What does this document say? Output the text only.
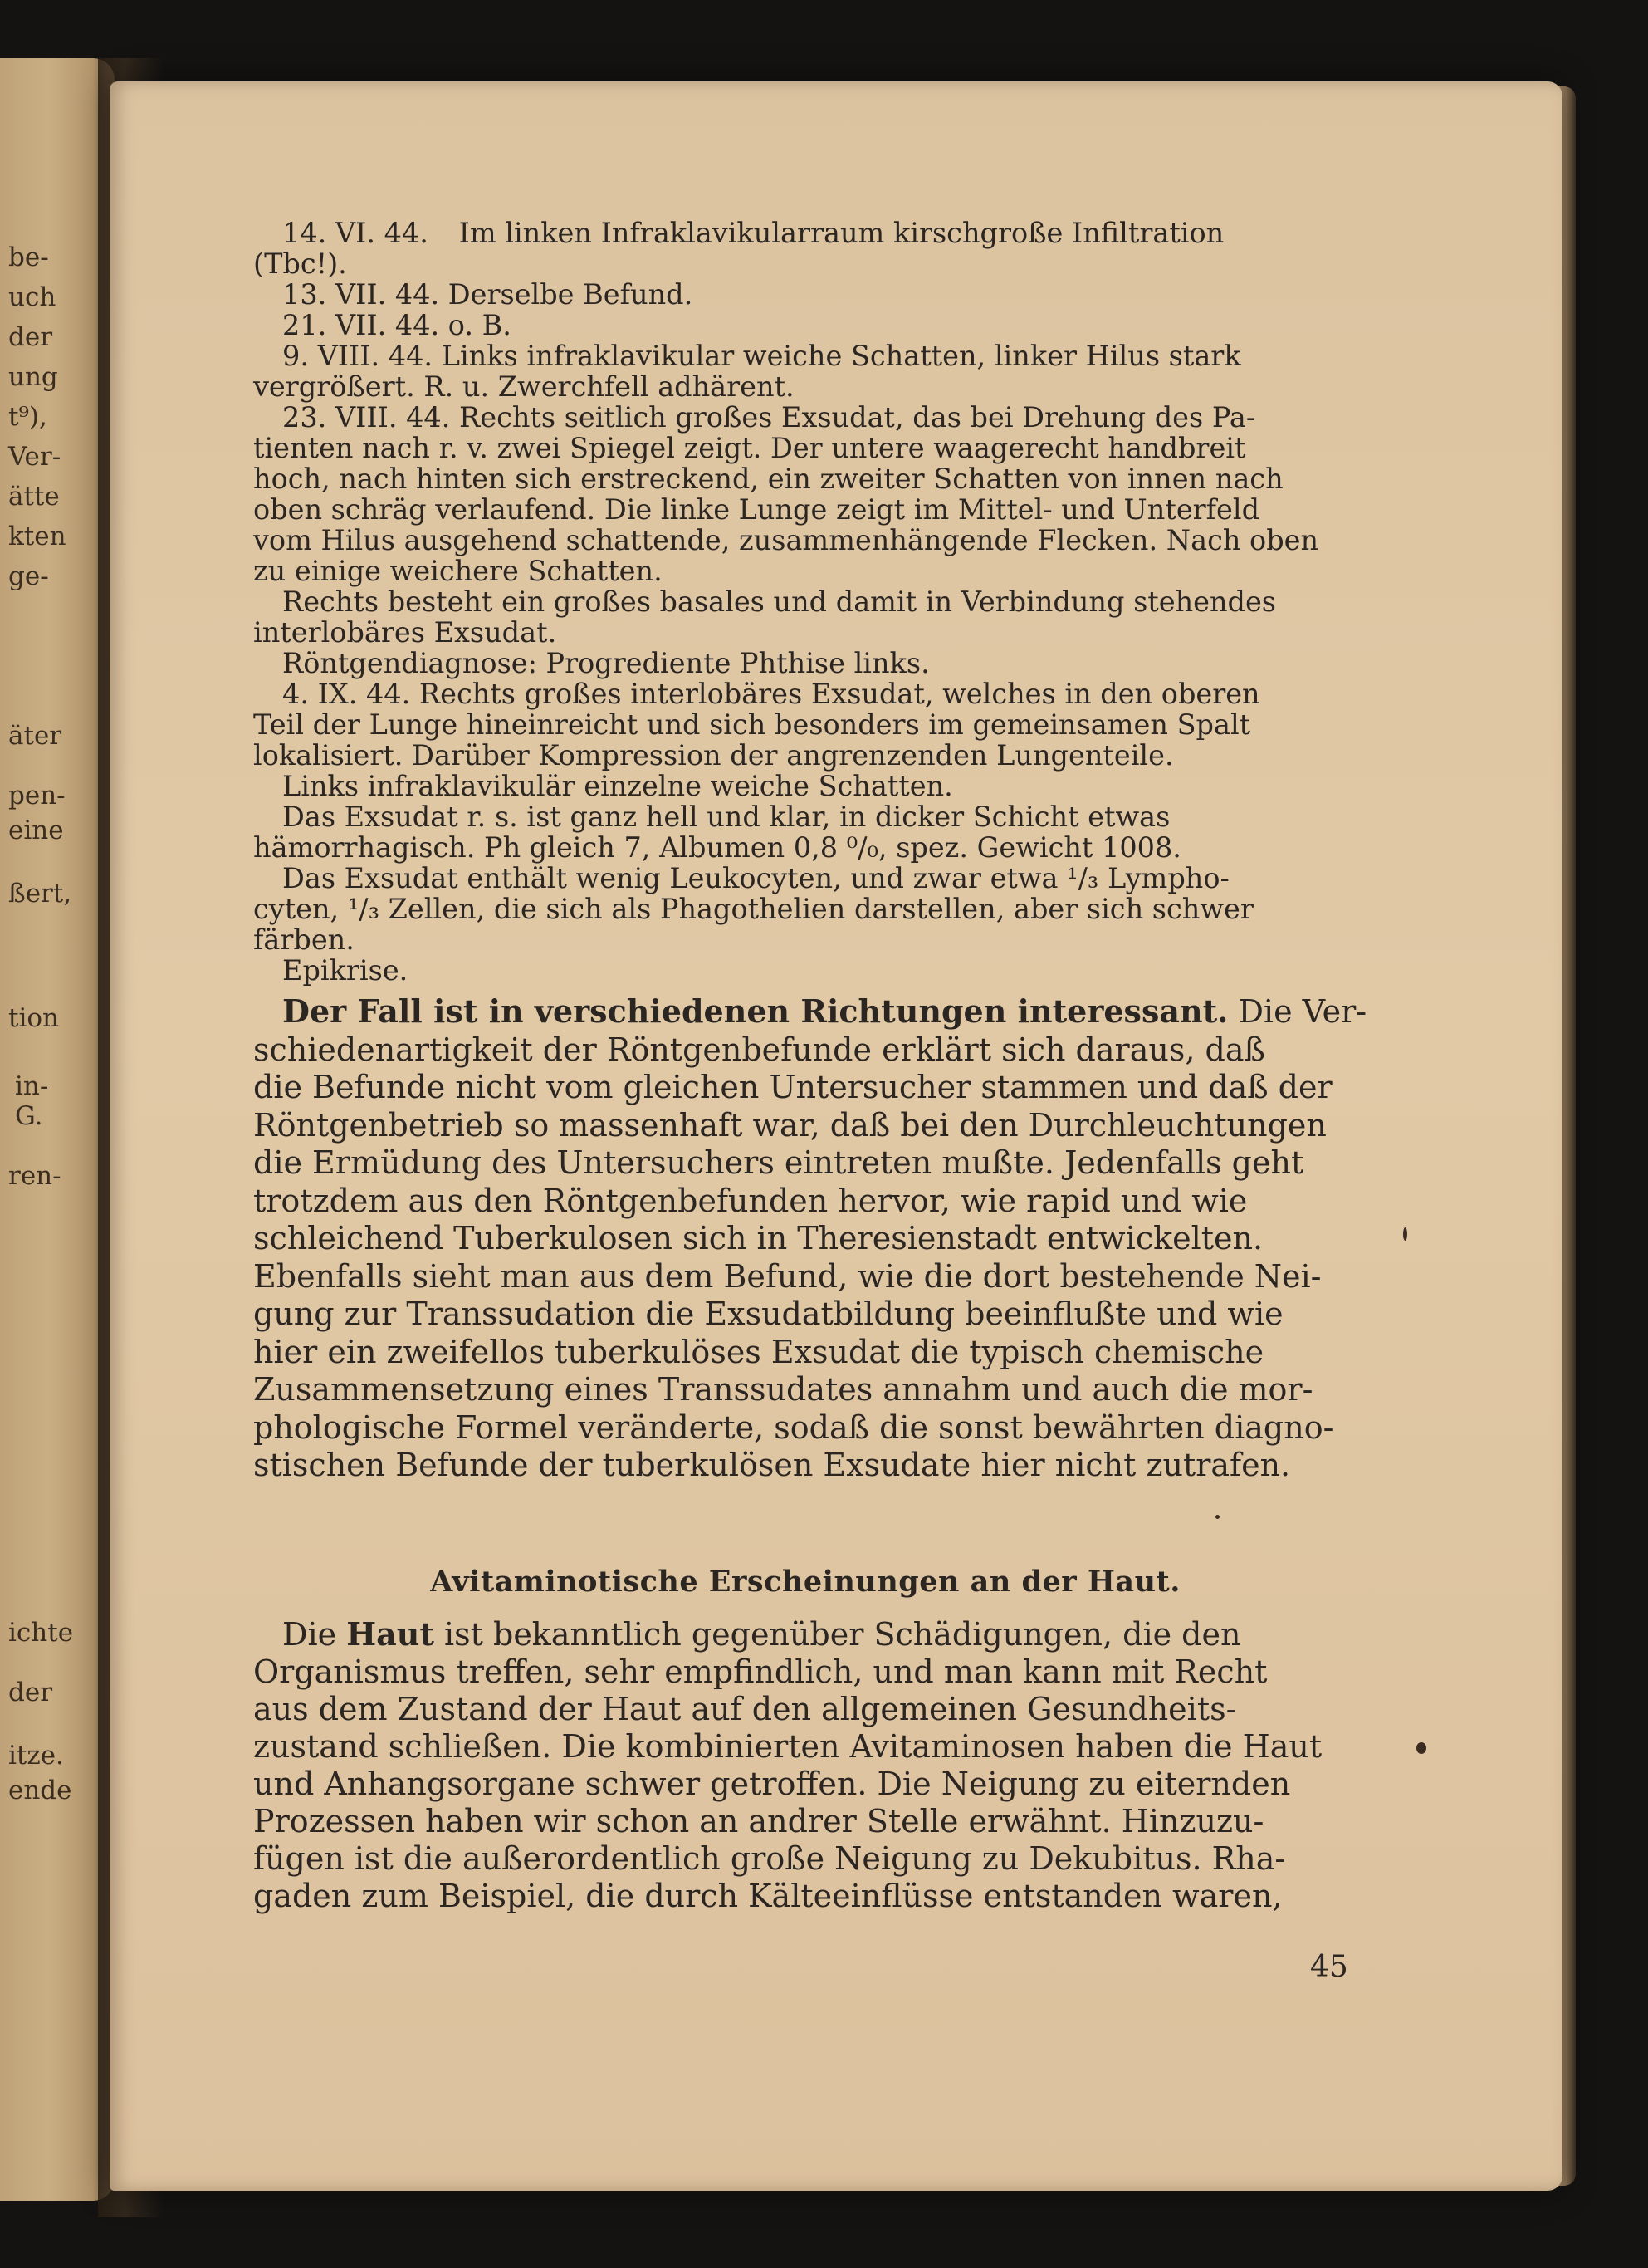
be-
uch
der
ung
t⁹),
Ver-
ätte
kten
ge-
äter
pen-
eine
ßert,
tion
in-
G.
ren-
ichte
der
itze.
ende
14. VI. 44. Im linken Infraklavikularraum kirschgroße Infiltration
(Tbc!).
13. VII. 44. Derselbe Befund.
21. VII. 44. o. B.
9. VIII. 44. Links infraklavikular weiche Schatten, linker Hilus stark
vergrößert. R. u. Zwerchfell adhärent.
23. VIII. 44. Rechts seitlich großes Exsudat, das bei Drehung des Pa-
tienten nach r. v. zwei Spiegel zeigt. Der untere waagerecht handbreit
hoch, nach hinten sich erstreckend, ein zweiter Schatten von innen nach
oben schräg verlaufend. Die linke Lunge zeigt im Mittel- und Unterfeld
vom Hilus ausgehend schattende, zusammenhängende Flecken. Nach oben
zu einige weichere Schatten.
Rechts besteht ein großes basales und damit in Verbindung stehendes
interlobäres Exsudat.
Röntgendiagnose: Progrediente Phthise links.
4. IX. 44. Rechts großes interlobäres Exsudat, welches in den oberen
Teil der Lunge hineinreicht und sich besonders im gemeinsamen Spalt
lokalisiert. Darüber Kompression der angrenzenden Lungenteile.
Links infraklavikulär einzelne weiche Schatten.
Das Exsudat r. s. ist ganz hell und klar, in dicker Schicht etwas
hämorrhagisch. Ph gleich 7, Albumen 0,8 ⁰/₀, spez. Gewicht 1008.
Das Exsudat enthält wenig Leukocyten, und zwar etwa ¹/₃ Lympho-
cyten, ¹/₃ Zellen, die sich als Phagothelien darstellen, aber sich schwer
färben.
Epikrise.
Der Fall ist in verschiedenen Richtungen interessant. Die Ver-
schiedenartigkeit der Röntgenbefunde erklärt sich daraus, daß
die Befunde nicht vom gleichen Untersucher stammen und daß der
Röntgenbetrieb so massenhaft war, daß bei den Durchleuchtungen
die Ermüdung des Untersuchers eintreten mußte. Jedenfalls geht
trotzdem aus den Röntgenbefunden hervor, wie rapid und wie
schleichend Tuberkulosen sich in Theresienstadt entwickelten.
Ebenfalls sieht man aus dem Befund, wie die dort bestehende Nei-
gung zur Transsudation die Exsudatbildung beeinflußte und wie
hier ein zweifellos tuberkulöses Exsudat die typisch chemische
Zusammensetzung eines Transsudates annahm und auch die mor-
phologische Formel veränderte, sodaß die sonst bewährten diagno-
stischen Befunde der tuberkulösen Exsudate hier nicht zutrafen.
Avitaminotische Erscheinungen an der Haut.
Die Haut ist bekanntlich gegenüber Schädigungen, die den
Organismus treffen, sehr empfindlich, und man kann mit Recht
aus dem Zustand der Haut auf den allgemeinen Gesundheits-
zustand schließen. Die kombinierten Avitaminosen haben die Haut
und Anhangsorgane schwer getroffen. Die Neigung zu eiternden
Prozessen haben wir schon an andrer Stelle erwähnt. Hinzuzu-
fügen ist die außerordentlich große Neigung zu Dekubitus. Rha-
gaden zum Beispiel, die durch Kälteeinflüsse entstanden waren,
45
